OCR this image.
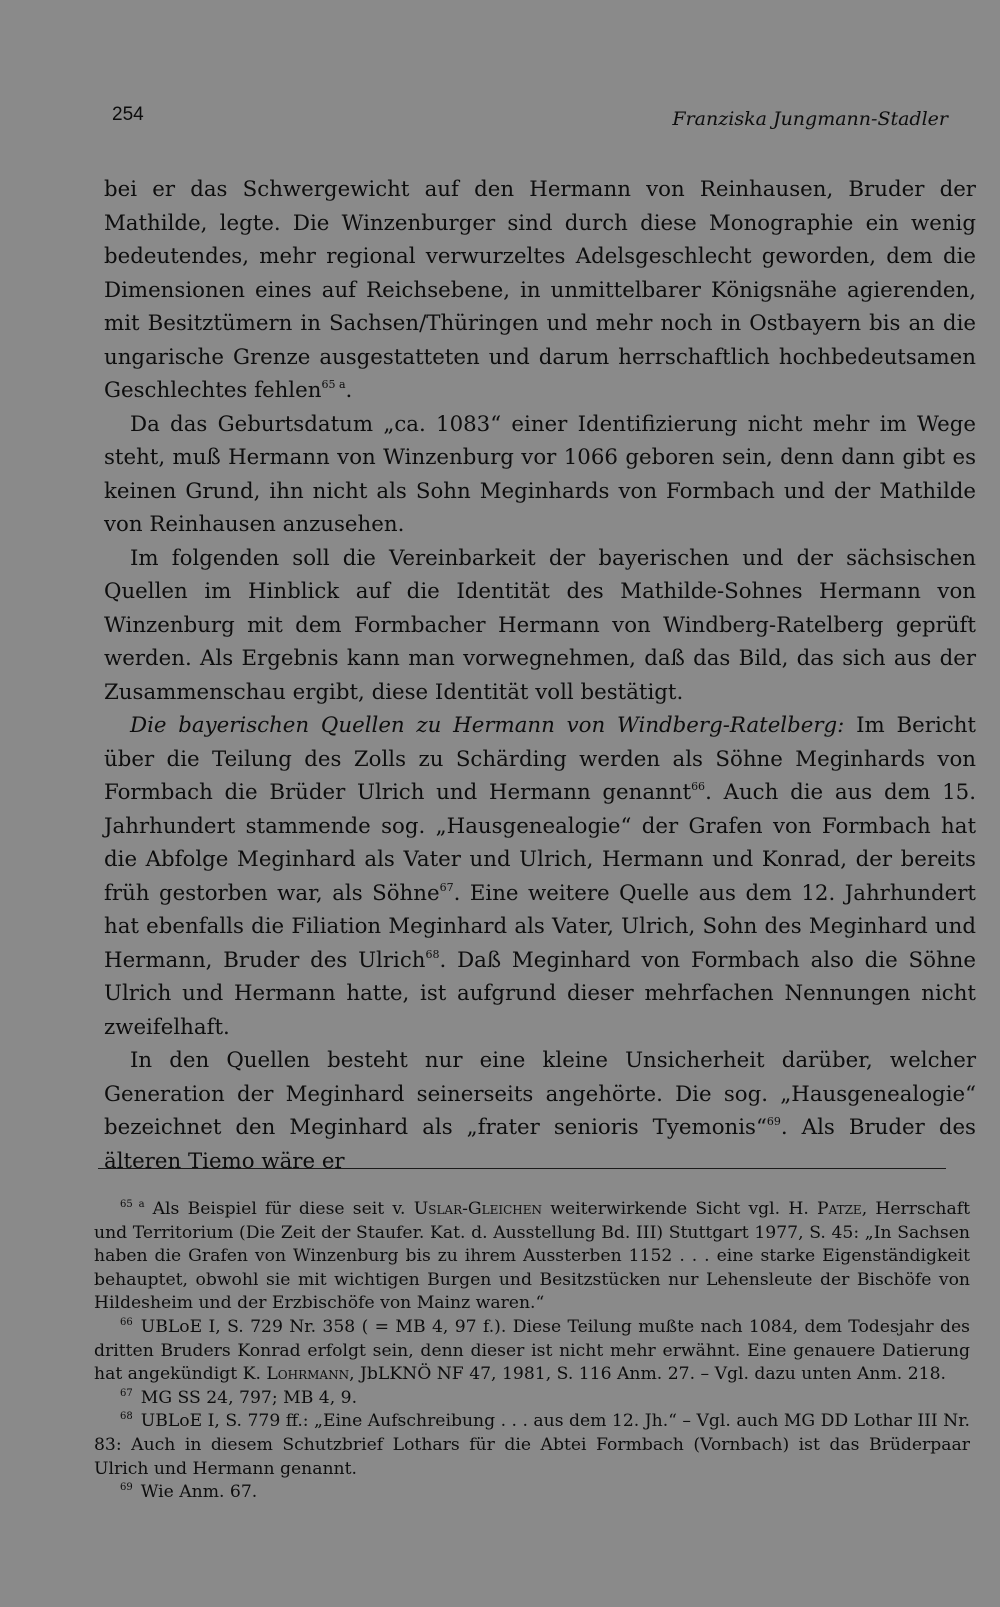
254	Franziska Jungmann-Stadler

bei er das Schwergewicht auf den Hermann von Reinhausen, Bruder der Mathilde, legte. Die Winzenburger sind durch diese Monographie ein wenig bedeutendes, mehr regional verwurzeltes Adelsgeschlecht geworden, dem die Dimensionen eines auf Reichsebene, in unmittelbarer Königsnähe agierenden, mit Besitztümern in Sachsen/Thüringen und mehr noch in Ostbayern bis an die ungarische Grenze ausgestatteten und darum herrschaftlich hochbedeutsamen Geschlechtes fehlen$^{65 a}$.

Da das Geburtsdatum „ca. 1083“ einer Identifizierung nicht mehr im Wege steht, muß Hermann von Winzenburg vor 1066 geboren sein, denn dann gibt es keinen Grund, ihn nicht als Sohn Meginhards von Formbach und der Mathilde von Reinhausen anzusehen.

Im folgenden soll die Vereinbarkeit der bayerischen und der sächsischen Quellen im Hinblick auf die Identität des Mathilde-Sohnes Hermann von Winzenburg mit dem Formbacher Hermann von Windberg-Ratelberg geprüft werden. Als Ergebnis kann man vorwegnehmen, daß das Bild, das sich aus der Zusammenschau ergibt, diese Identität voll bestätigt.

Die bayerischen Quellen zu Hermann von Windberg-Ratelberg: Im Bericht über die Teilung des Zolls zu Schärding werden als Söhne Meginhards von Formbach die Brüder Ulrich und Hermann genannt$^{66}$. Auch die aus dem 15. Jahrhundert stammende sog. „Hausgenealogie“ der Grafen von Formbach hat die Abfolge Meginhard als Vater und Ulrich, Hermann und Konrad, der bereits früh gestorben war, als Söhne$^{67}$. Eine weitere Quelle aus dem 12. Jahrhundert hat ebenfalls die Filiation Meginhard als Vater, Ulrich, Sohn des Meginhard und Hermann, Bruder des Ulrich$^{68}$. Daß Meginhard von Formbach also die Söhne Ulrich und Hermann hatte, ist aufgrund dieser mehrfachen Nennungen nicht zweifelhaft.

In den Quellen besteht nur eine kleine Unsicherheit darüber, welcher Generation der Meginhard seinerseits angehörte. Die sog. „Hausgenealogie“ bezeichnet den Meginhard als „frater senioris Tyemonis“$^{69}$. Als Bruder des älteren Tiemo wäre er

$^{65 a}$ Als Beispiel für diese seit v. Uslar-Gleichen weiterwirkende Sicht vgl. H. Patze, Herrschaft und Territorium (Die Zeit der Staufer. Kat. d. Ausstellung Bd. III) Stuttgart 1977, S. 45: „In Sachsen haben die Grafen von Winzenburg bis zu ihrem Aussterben 1152 . . . eine starke Eigenständigkeit behauptet, obwohl sie mit wichtigen Burgen und Besitzstücken nur Lehensleute der Bischöfe von Hildesheim und der Erzbischöfe von Mainz waren.“

$^{66}$ UBLoE I, S. 729 Nr. 358 ( = MB 4, 97 f.). Diese Teilung mußte nach 1084, dem Todesjahr des dritten Bruders Konrad erfolgt sein, denn dieser ist nicht mehr erwähnt. Eine genauere Datierung hat angekündigt K. Lohrmann, JbLKNÖ NF 47, 1981, S. 116 Anm. 27. – Vgl. dazu unten Anm. 218.

$^{67}$ MG SS 24, 797; MB 4, 9.

$^{68}$ UBLoE I, S. 779 ff.: „Eine Aufschreibung . . . aus dem 12. Jh.“ – Vgl. auch MG DD Lothar III Nr. 83: Auch in diesem Schutzbrief Lothars für die Abtei Formbach (Vornbach) ist das Brüderpaar Ulrich und Hermann genannt.

$^{69}$ Wie Anm. 67.
